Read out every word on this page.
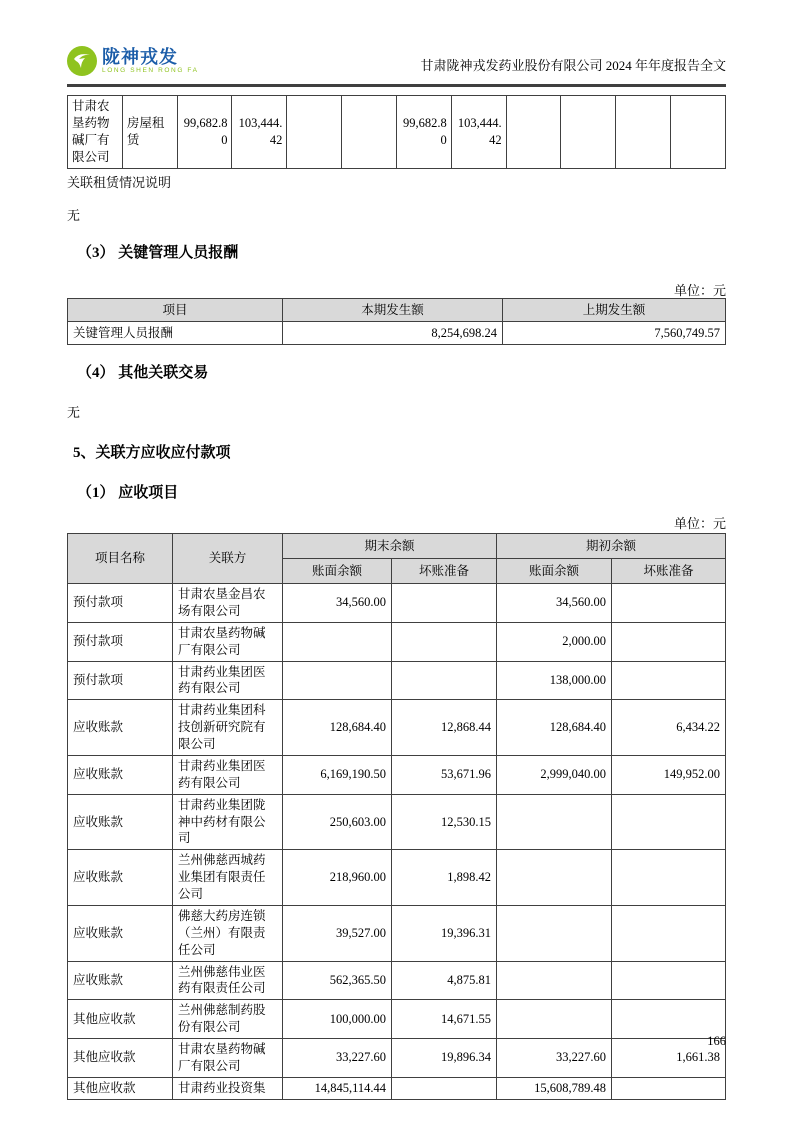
陇神戎发
LONG SHEN RONG FA	甘肃陇神戎发药业股份有限公司 2024 年年度报告全文
甘肃农垦药物碱厂有限公司	房屋租赁	99,682.80	103,444.42			99,682.80	103,444.42				
关联租赁情况说明
无
（3） 关键管理人员报酬
单位：元
项目	本期发生额	上期发生额
关键管理人员报酬	8,254,698.24	7,560,749.57
（4） 其他关联交易
无
5、关联方应收应付款项
（1） 应收项目
单位：元
项目名称	关联方	期末余额		期初余额	
		账面余额	坏账准备	账面余额	坏账准备
预付款项	甘肃农垦金昌农场有限公司	34,560.00		34,560.00	
预付款项	甘肃农垦药物碱厂有限公司			2,000.00	
预付款项	甘肃药业集团医药有限公司			138,000.00	
应收账款	甘肃药业集团科技创新研究院有限公司	128,684.40	12,868.44	128,684.40	6,434.22
应收账款	甘肃药业集团医药有限公司	6,169,190.50	53,671.96	2,999,040.00	149,952.00
应收账款	甘肃药业集团陇神中药材有限公司	250,603.00	12,530.15		
应收账款	兰州佛慈西城药业集团有限责任公司	218,960.00	1,898.42		
应收账款	佛慈大药房连锁（兰州）有限责任公司	39,527.00	19,396.31		
应收账款	兰州佛慈伟业医药有限责任公司	562,365.50	4,875.81		
其他应收款	兰州佛慈制药股份有限公司	100,000.00	14,671.55		
其他应收款	甘肃农垦药物碱厂有限公司	33,227.60	19,896.34	33,227.60	1,661.38
其他应收款	甘肃药业投资集	14,845,114.44		15,608,789.48	
166
